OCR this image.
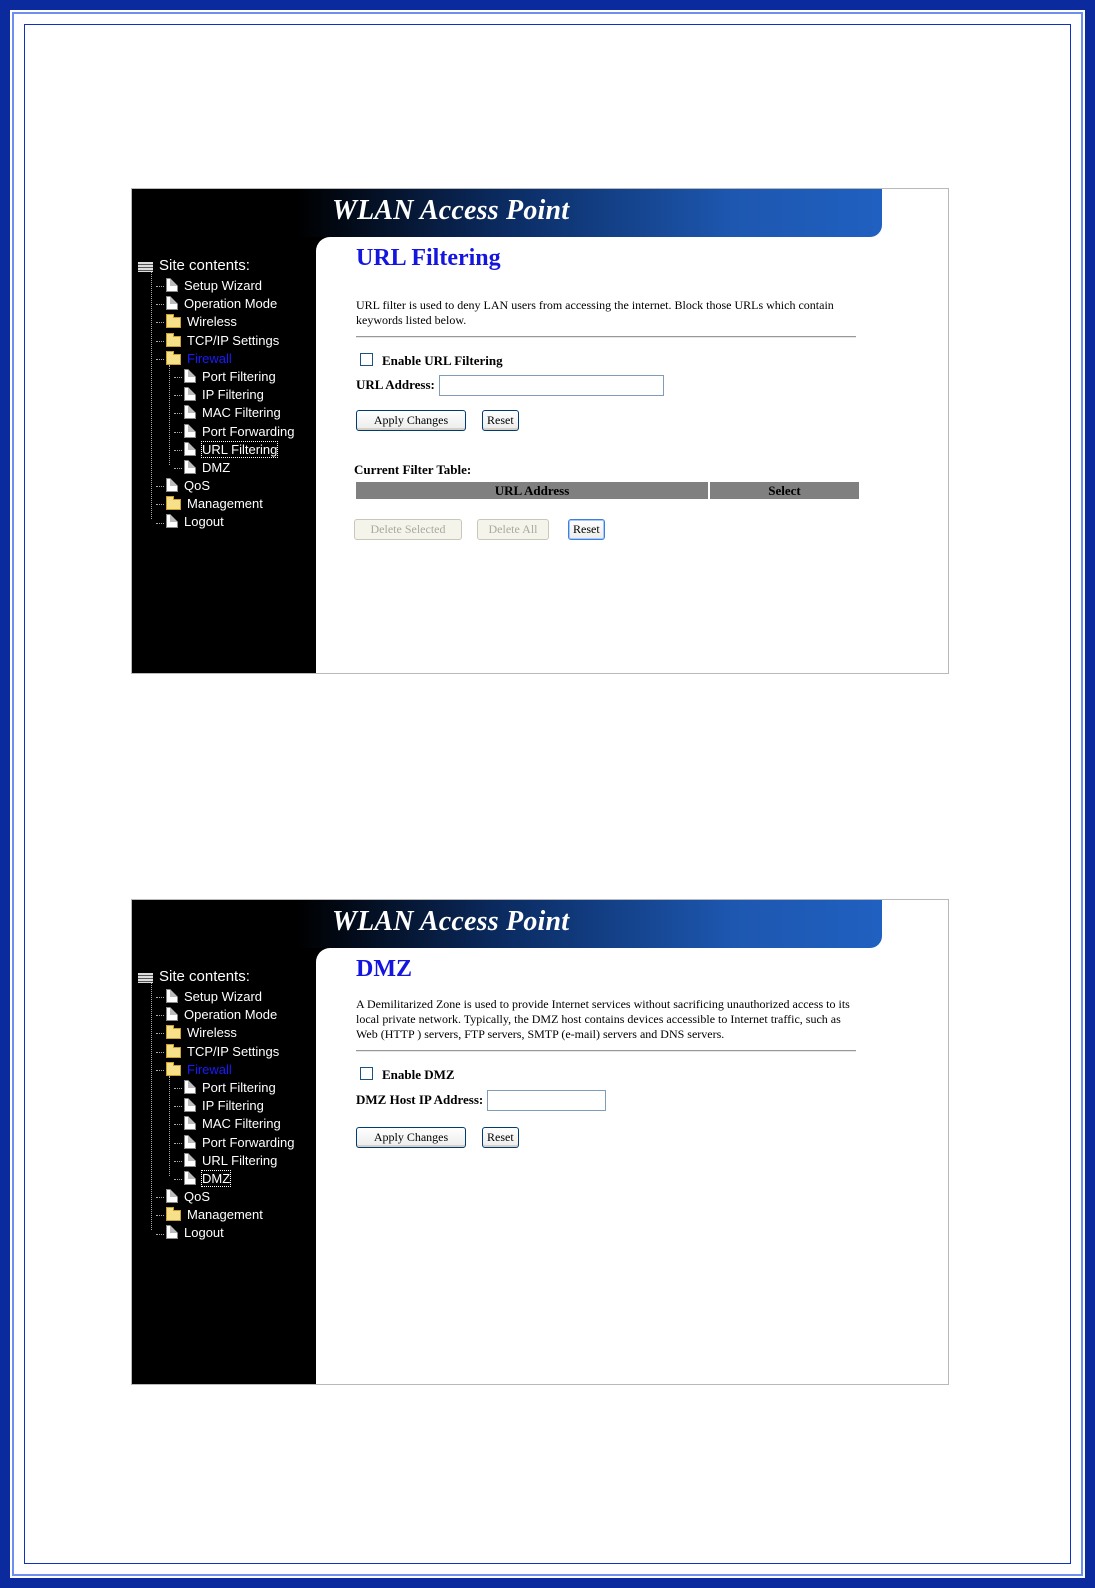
WLAN Access Point
Site contents:
Setup Wizard
Operation Mode
Wireless
TCP/IP Settings
Firewall
Port Filtering
IP Filtering
MAC Filtering
Port Forwarding
URL Filtering
DMZ
QoS
Management
Logout
URL Filtering
URL filter is used to deny LAN users from accessing the internet. Block those URLs which contain keywords listed below.
Enable URL Filtering
URL Address:
Apply Changes	Reset
Current Filter Table:
URL Address	Select
Delete Selected	Delete All	Reset
WLAN Access Point
Site contents:
Setup Wizard
Operation Mode
Wireless
TCP/IP Settings
Firewall
Port Filtering
IP Filtering
MAC Filtering
Port Forwarding
URL Filtering
DMZ
QoS
Management
Logout
DMZ
A Demilitarized Zone is used to provide Internet services without sacrificing unauthorized access to its local private network. Typically, the DMZ host contains devices accessible to Internet traffic, such as Web (HTTP ) servers, FTP servers, SMTP (e-mail) servers and DNS servers.
Enable DMZ
DMZ Host IP Address:
Apply Changes	Reset
